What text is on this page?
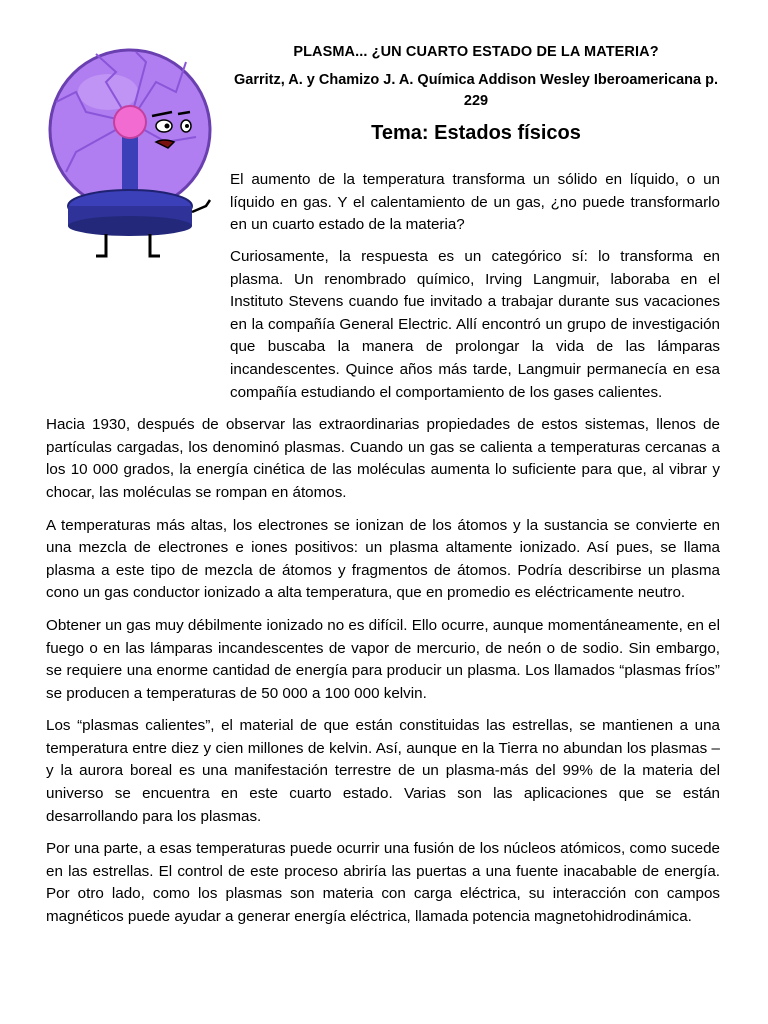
PLASMA... ¿UN CUARTO ESTADO DE LA MATERIA?

Garritz, A. y Chamizo J. A. Química Addison Wesley Iberoamericana p. 229

Tema: Estados físicos

El aumento de la temperatura transforma un sólido en líquido, o un líquido en gas. Y el calentamiento de un gas, ¿no puede transformarlo en un cuarto estado de la materia?

Curiosamente, la respuesta es un categórico sí: lo transforma en plasma. Un renombrado químico, Irving Langmuir, laboraba en el Instituto Stevens cuando fue invitado a trabajar durante sus vacaciones en la compañía General Electric. Allí encontró un grupo de investigación que buscaba la manera de prolongar la vida de las lámparas incandescentes. Quince años más tarde, Langmuir permanecía en esa compañía estudiando el comportamiento de los gases calientes.

Hacia 1930, después de observar las extraordinarias propiedades de estos sistemas, llenos de partículas cargadas, los denominó plasmas. Cuando un gas se calienta a temperaturas cercanas a los 10 000 grados, la energía cinética de las moléculas aumenta lo suficiente para que, al vibrar y chocar, las moléculas se rompan en átomos.

A temperaturas más altas, los electrones se ionizan de los átomos y la sustancia se convierte en una mezcla de electrones e iones positivos: un plasma altamente ionizado. Así pues, se llama plasma a este tipo de mezcla de átomos y fragmentos de átomos. Podría describirse un plasma cono un gas conductor ionizado a alta temperatura, que en promedio es eléctricamente neutro.

Obtener un gas muy débilmente ionizado no es difícil. Ello ocurre, aunque momentáneamente, en el fuego o en las lámparas incandescentes de vapor de mercurio, de neón o de sodio. Sin embargo, se requiere una enorme cantidad de energía para producir un plasma. Los llamados “plasmas fríos” se producen a temperaturas de 50 000 a 100 000 kelvin.

Los “plasmas calientes”, el material de que están constituidas las estrellas, se mantienen a una temperatura entre diez y cien millones de kelvin. Así, aunque en la Tierra no abundan los plasmas –y la aurora boreal es una manifestación terrestre de un plasma-más del 99% de la materia del universo se encuentra en este cuarto estado. Varias son las aplicaciones que se están desarrollando para los plasmas.

Por una parte, a esas temperaturas puede ocurrir una fusión de los núcleos atómicos, como sucede en las estrellas. El control de este proceso abriría las puertas a una fuente inacabable de energía. Por otro lado, como los plasmas son materia con carga eléctrica, su interacción con campos magnéticos puede ayudar a generar energía eléctrica, llamada potencia magnetohidrodinámica.
